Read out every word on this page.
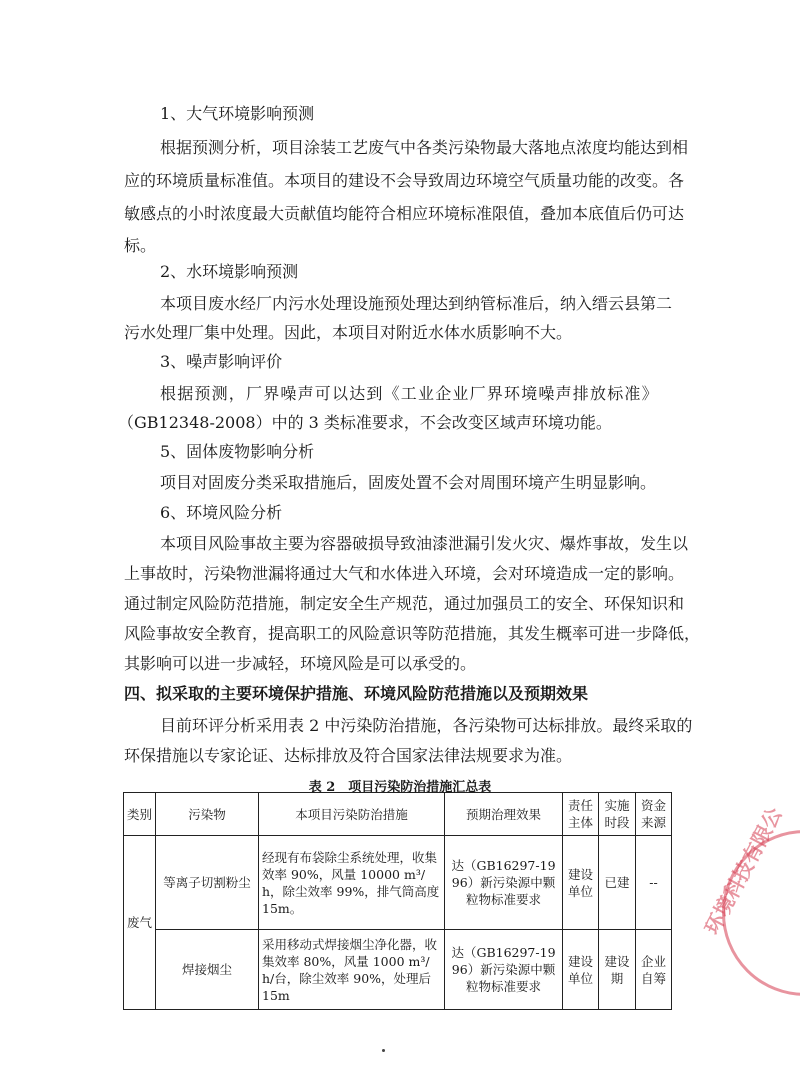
1、大气环境影响预测
根据预测分析，项目涂装工艺废气中各类污染物最大落地点浓度均能达到相
应的环境质量标准值。本项目的建设不会导致周边环境空气质量功能的改变。各
敏感点的小时浓度最大贡献值均能符合相应环境标准限值，叠加本底值后仍可达
标。
2、水环境影响预测
本项目废水经厂内污水处理设施预处理达到纳管标准后，纳入缙云县第二
污水处理厂集中处理。因此，本项目对附近水体水质影响不大。
3、噪声影响评价
根据预测，厂界噪声可以达到《工业企业厂界环境噪声排放标准》
（GB12348-2008）中的 3 类标准要求，不会改变区域声环境功能。
5、固体废物影响分析
项目对固废分类采取措施后，固废处置不会对周围环境产生明显影响。
6、环境风险分析
本项目风险事故主要为容器破损导致油漆泄漏引发火灾、爆炸事故，发生以
上事故时，污染物泄漏将通过大气和水体进入环境，会对环境造成一定的影响。
通过制定风险防范措施，制定安全生产规范，通过加强员工的安全、环保知识和
风险事故安全教育，提高职工的风险意识等防范措施，其发生概率可进一步降低，
其影响可以进一步减轻，环境风险是可以承受的。
四、拟采取的主要环境保护措施、环境风险防范措施以及预期效果
目前环评分析采用表 2 中污染防治措施，各污染物可达标排放。最终采取的
环保措施以专家论证、达标排放及符合国家法律法规要求为准。
表 2　项目污染防治措施汇总表
类别	污染物	本项目污染防治措施	预期治理效果	责任主体	实施时段	资金来源
废气	等离子切割粉尘	经现有布袋除尘系统处理，收集效率 90%，风量 10000 m³/h，除尘效率 99%，排气筒高度 15m。	达（GB16297-1996）新污染源中颗粒物标准要求	建设单位	已建	--
	焊接烟尘	采用移动式焊接烟尘净化器，收集效率 80%，风量 1000 m³/h/台，除尘效率 90%，处理后 15m	达（GB16297-1996）新污染源中颗粒物标准要求	建设单位	建设期	企业自筹
环境科技有限公
